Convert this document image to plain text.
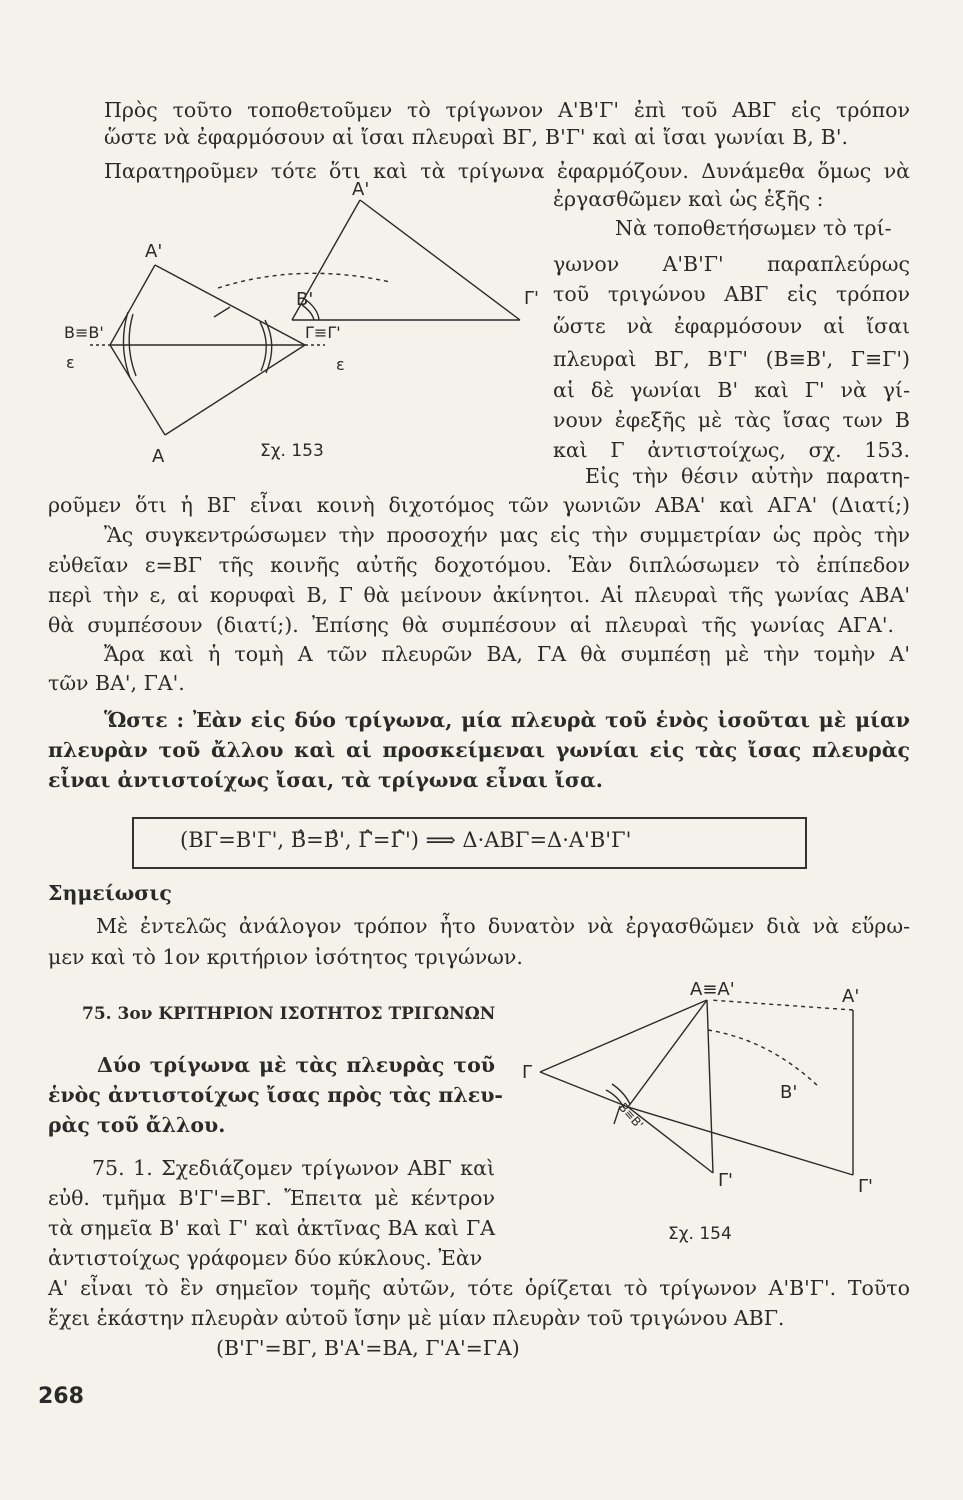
Πρὸς τοῦτο τοποθετοῦμεν τὸ τρίγωνον Α'Β'Γ' ἐπὶ τοῦ ΑΒΓ εἰς τρόπον
ὥστε νὰ ἐφαρμόσουν αἱ ἴσαι πλευραὶ ΒΓ, Β'Γ' καὶ αἱ ἴσαι γωνίαι Β, Β'.
Παρατηροῦμεν τότε ὅτι καὶ τὰ τρίγωνα ἐφαρμόζουν. Δυνάμεθα ὅμως νὰ
ἐργασθῶμεν καὶ ὡς ἑξῆς :
Νὰ τοποθετήσωμεν τὸ τρί-
γωνον Α'Β'Γ' παραπλεύρως
τοῦ τριγώνου ΑΒΓ εἰς τρόπον
ὥστε νὰ ἐφαρμόσουν αἱ ἴσαι
πλευραὶ ΒΓ, Β'Γ' (Β≡Β', Γ≡Γ')
αἱ δὲ γωνίαι Β' καὶ Γ' νὰ γί-
νουν ἐφεξῆς μὲ τὰς ἴσας των Β
καὶ Γ ἀντιστοίχως, σχ. 153.
Εἰς τὴν θέσιν αὐτὴν παρατη-
ροῦμεν ὅτι ἡ ΒΓ εἶναι κοινὴ διχοτόμος τῶν γωνιῶν ΑΒΑ' καὶ ΑΓΑ' (Διατί;)
Ἂς συγκεντρώσωμεν τὴν προσοχήν μας εἰς τὴν συμμετρίαν ὡς πρὸς τὴν
εὐθεῖαν ε=ΒΓ τῆς κοινῆς αὐτῆς δοχοτόμου. Ἐὰν διπλώσωμεν τὸ ἐπίπεδον
περὶ τὴν ε, αἱ κορυφαὶ Β, Γ θὰ μείνουν ἀκίνητοι. Αἱ πλευραὶ τῆς γωνίας ΑΒΑ'
θὰ συμπέσουν (διατί;). Ἐπίσης θὰ συμπέσουν αἱ πλευραὶ τῆς γωνίας ΑΓΑ'.
Ἄρα καὶ ἡ τομὴ Α τῶν πλευρῶν ΒΑ, ΓΑ θὰ συμπέσῃ μὲ τὴν τομὴν Α'
τῶν ΒΑ', ΓΑ'.
Ὥστε : Ἐὰν εἰς δύο τρίγωνα, μία πλευρὰ τοῦ ἑνὸς ἰσοῦται μὲ μίαν
πλευρὰν τοῦ ἄλλου καὶ αἱ προσκείμεναι γωνίαι εἰς τὰς ἴσας πλευρὰς
εἶναι ἀντιστοίχως ἴσαι, τὰ τρίγωνα εἶναι ἴσα.
(ΒΓ=Β'Γ', Β̂=Β̂', Γ̂=Γ̂') ⟹ Δ·ΑΒΓ=Δ·Α'Β'Γ'
Σημείωσις
Μὲ ἐντελῶς ἀνάλογον τρόπον ἦτο δυνατὸν νὰ ἐργασθῶμεν διὰ νὰ εὕρω-
μεν καὶ τὸ 1ον κριτήριον ἰσότητος τριγώνων.
75. 3ον ΚΡΙΤΗΡΙΟΝ ΙΣΟΤΗΤΟΣ ΤΡΙΓΩΝΩΝ
Δύο τρίγωνα μὲ τὰς πλευρὰς τοῦ
ἑνὸς ἀντιστοίχως ἴσας πρὸς τὰς πλευ-
ρὰς τοῦ ἄλλου.
75. 1. Σχεδιάζομεν τρίγωνον ΑΒΓ καὶ
εὐθ. τμῆμα Β'Γ'=ΒΓ. Ἔπειτα μὲ κέντρον
τὰ σημεῖα Β' καὶ Γ' καὶ ἀκτῖνας ΒΑ καὶ ΓΑ
ἀντιστοίχως γράφομεν δύο κύκλους. Ἐὰν
Α' εἶναι τὸ ἓν σημεῖον τομῆς αὐτῶν, τότε ὁρίζεται τὸ τρίγωνον Α'Β'Γ'. Τοῦτο
ἔχει ἑκάστην πλευρὰν αὐτοῦ ἴσην μὲ μίαν πλευρὰν τοῦ τριγώνου ΑΒΓ.
(Β'Γ'=ΒΓ, Β'Α'=ΒΑ, Γ'Α'=ΓΑ)
268
Α'
Α'
Β'	Γ'
Β≡Β'	Γ≡Γ'
ε	ε
Α	Σχ. 153
Α≡Α'	Α'
Γ
Β'
Β≡Β'
Γ'	Γ'
Σχ. 154
